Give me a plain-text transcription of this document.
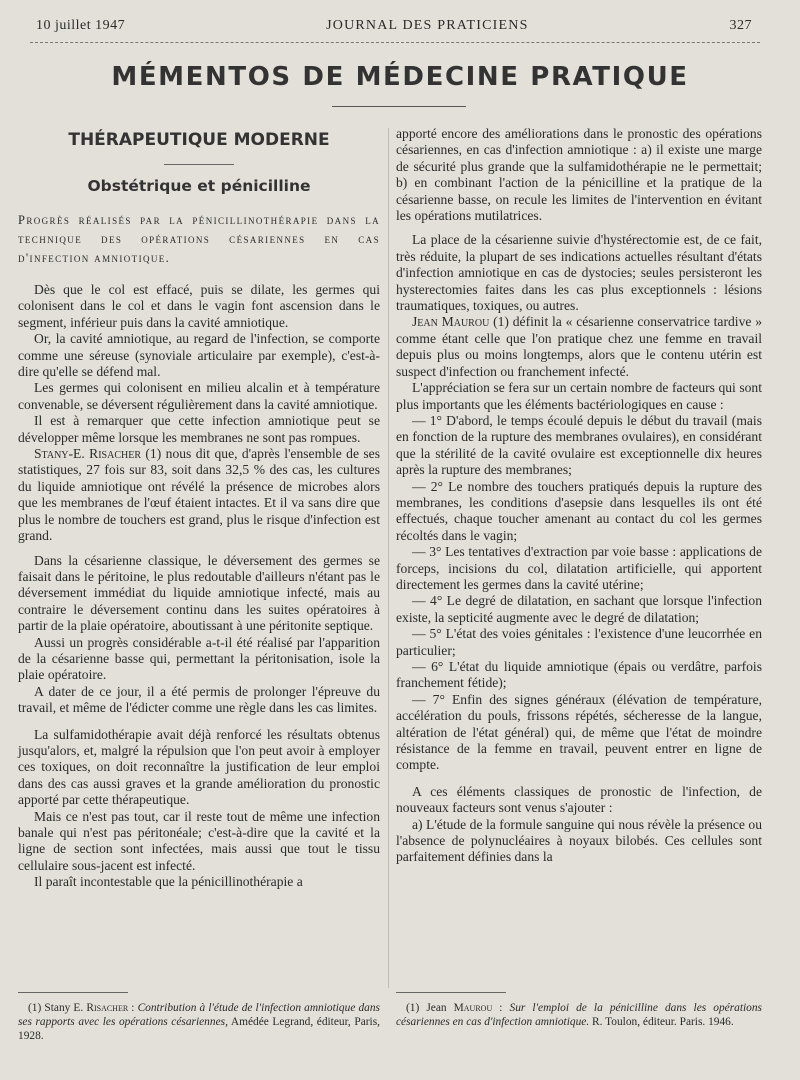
10 juillet 1947	JOURNAL DES PRATICIENS	327
MÉMENTOS DE MÉDECINE PRATIQUE
THÉRAPEUTIQUE MODERNE
Obstétrique et pénicilline
Progrès réalisés par la pénicillinothérapie dans la technique des opérations césariennes en cas d'infection amniotique.

Dès que le col est effacé, puis se dilate, les germes qui colonisent dans le col et dans le vagin font ascension dans le segment, inférieur puis dans la cavité amniotique.

Or, la cavité amniotique, au regard de l'infection, se comporte comme une séreuse (synoviale articulaire par exemple), c'est-à-dire qu'elle se défend mal.

Les germes qui colonisent en milieu alcalin et à température convenable, se déversent régulièrement dans la cavité amniotique.

Il est à remarquer que cette infection amniotique peut se développer même lorsque les membranes ne sont pas rompues.

Stany-E. Risacher (1) nous dit que, d'après l'ensemble de ses statistiques, 27 fois sur 83, soit dans 32,5 % des cas, les cultures du liquide amniotique ont révélé la présence de microbes alors que les membranes de l'œuf étaient intactes. Et il va sans dire que plus le nombre de touchers est grand, plus le risque d'infection est grand.

Dans la césarienne classique, le déversement des germes se faisait dans le péritoine, le plus redoutable d'ailleurs n'étant pas le déversement immédiat du liquide amniotique infecté, mais au contraire le déversement continu dans les suites opératoires à partir de la plaie opératoire, aboutissant à une péritonite septique.

Aussi un progrès considérable a-t-il été réalisé par l'apparition de la césarienne basse qui, permettant la péritonisation, isole la plaie opératoire.

A dater de ce jour, il a été permis de prolonger l'épreuve du travail, et même de l'édicter comme une règle dans les cas limites.

La sulfamidothérapie avait déjà renforcé les résultats obtenus jusqu'alors, et, malgré la répulsion que l'on peut avoir à employer ces toxiques, on doit reconnaître la justification de leur emploi dans des cas aussi graves et la grande amélioration du pronostic apporté par cette thérapeutique.

Mais ce n'est pas tout, car il reste tout de même une infection banale qui n'est pas péritonéale; c'est-à-dire que la cavité et la ligne de section sont infectées, mais aussi que tout le tissu cellulaire sous-jacent est infecté.

Il paraît incontestable que la pénicillinothérapie a

(1) Stany E. Risacher : Contribution à l'étude de l'infection amniotique dans ses rapports avec les opérations césariennes, Amédée Legrand, éditeur, Paris, 1928.

apporté encore des améliorations dans le pronostic des opérations césariennes, en cas d'infection amniotique : a) il existe une marge de sécurité plus grande que la sulfamidothérapie ne le permettait; b) en combinant l'action de la pénicilline et la pratique de la césarienne basse, on recule les limites de l'intervention en évitant les opérations mutilatrices.

La place de la césarienne suivie d'hystérectomie est, de ce fait, très réduite, la plupart de ses indications actuelles résultant d'états d'infection amniotique en cas de dystocies; seules persisteront les hysterectomies faites dans les cas plus exceptionnels : lésions traumatiques, toxiques, ou autres.

Jean Maurou (1) définit la « césarienne conservatrice tardive » comme étant celle que l'on pratique chez une femme en travail depuis plus ou moins longtemps, alors que le contenu utérin est suspect d'infection ou franchement infecté.

L'appréciation se fera sur un certain nombre de facteurs qui sont plus importants que les éléments bactériologiques en cause :

— 1° D'abord, le temps écoulé depuis le début du travail (mais en fonction de la rupture des membranes ovulaires), en considérant que la stérilité de la cavité ovulaire est exceptionnelle dix heures après la rupture des membranes;

— 2° Le nombre des touchers pratiqués depuis la rupture des membranes, les conditions d'asepsie dans lesquelles ils ont été effectués, chaque toucher amenant au contact du col les germes récoltés dans le vagin;

— 3° Les tentatives d'extraction par voie basse : applications de forceps, incisions du col, dilatation artificielle, qui apportent directement les germes dans la cavité utérine;

— 4° Le degré de dilatation, en sachant que lorsque l'infection existe, la septicité augmente avec le degré de dilatation;

— 5° L'état des voies génitales : l'existence d'une leucorrhée en particulier;

— 6° L'état du liquide amniotique (épais ou verdâtre, parfois franchement fétide);

— 7° Enfin des signes généraux (élévation de température, accélération du pouls, frissons répétés, sécheresse de la langue, altération de l'état général) qui, de même que l'état de moindre résistance de la femme en travail, peuvent entrer en ligne de compte.

A ces éléments classiques de pronostic de l'infection, de nouveaux facteurs sont venus s'ajouter :

a) L'étude de la formule sanguine qui nous révèle la présence ou l'absence de polynucléaires à noyaux bilobés. Ces cellules sont parfaitement définies dans la

(1) Jean Maurou : Sur l'emploi de la pénicilline dans les opérations césariennes en cas d'infection amniotique. R. Toulon, éditeur. Paris. 1946.
